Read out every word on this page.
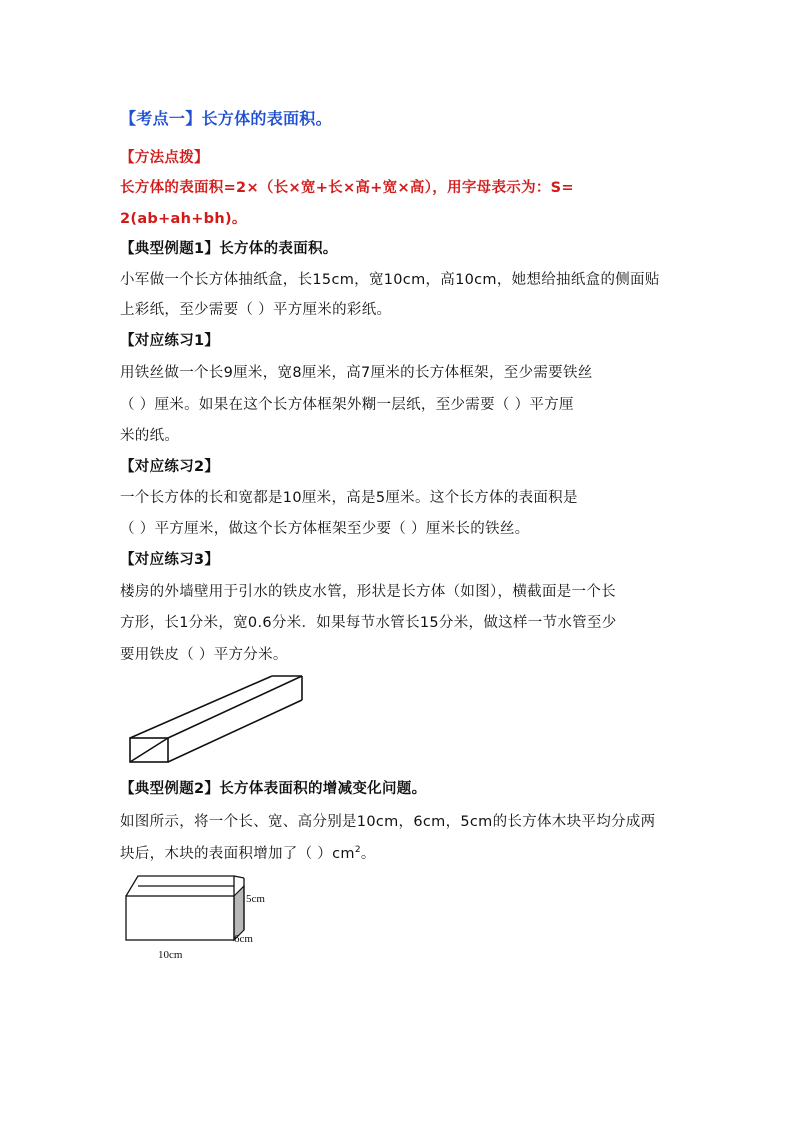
【考点一】长方体的表面积。
【方法点拨】
长方体的表面积=2×（长×宽+长×高+宽×高），用字母表示为：S=
2(ab+ah+bh)。
【典型例题1】长方体的表面积。
小军做一个长方体抽纸盒，长15cm，宽10cm，高10cm，她想给抽纸盒的侧面贴
上彩纸，至少需要（ ）平方厘米的彩纸。
【对应练习1】
用铁丝做一个长9厘米，宽8厘米，高7厘米的长方体框架，至少需要铁丝
（ ）厘米。如果在这个长方体框架外糊一层纸，至少需要（ ）平方厘
米的纸。
【对应练习2】
一个长方体的长和宽都是10厘米，高是5厘米。这个长方体的表面积是
（ ）平方厘米，做这个长方体框架至少要（ ）厘米长的铁丝。
【对应练习3】
楼房的外墙壁用于引水的铁皮水管，形状是长方体（如图），横截面是一个长
方形，长1分米，宽0.6分米．如果每节水管长15分米，做这样一节水管至少
要用铁皮（ ）平方分米。
【典型例题2】长方体表面积的增减变化问题。
如图所示，将一个长、宽、高分别是10cm，6cm，5cm的长方体木块平均分成两
块后，木块的表面积增加了（ ）$cm^2$。
5cm
6cm
10cm
